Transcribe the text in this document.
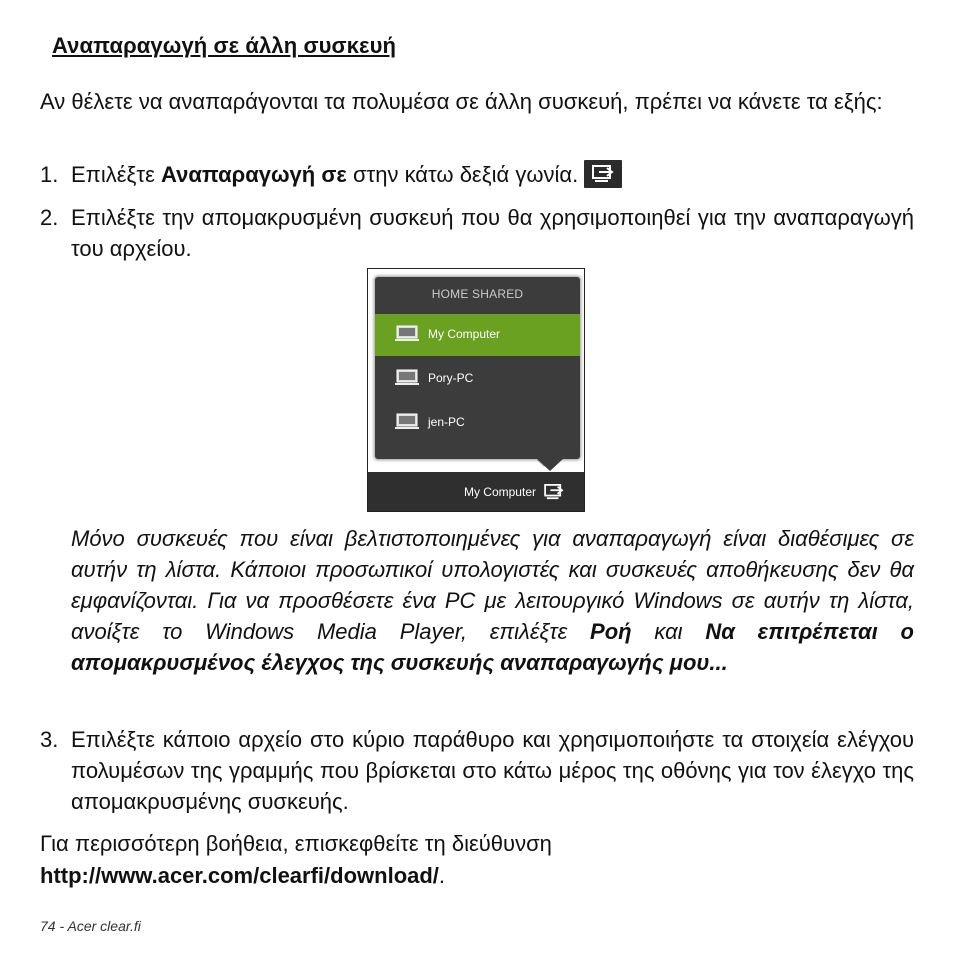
Αναπαραγωγή σε άλλη συσκευή
Αν θέλετε να αναπαράγονται τα πολυμέσα σε άλλη συσκευή, πρέπει να κάνετε τα εξής:
1. Επιλέξτε Αναπαραγωγή σε στην κάτω δεξιά γωνία.
2. Επιλέξτε την απομακρυσμένη συσκευή που θα χρησιμοποιηθεί για την αναπαραγωγή του αρχείου.
HOME SHARED
My Computer
Pory-PC
jen-PC
My Computer
Μόνο συσκευές που είναι βελτιστοποιημένες για αναπαραγωγή είναι διαθέσιμες σε αυτήν τη λίστα. Κάποιοι προσωπικοί υπολογιστές και συσκευές αποθήκευσης δεν θα εμφανίζονται. Για να προσθέσετε ένα PC με λειτουργικό Windows σε αυτήν τη λίστα, ανοίξτε το Windows Media Player, επιλέξτε Ροή και Να επιτρέπεται ο απομακρυσμένος έλεγχος της συσκευής αναπαραγωγής μου...
3. Επιλέξτε κάποιο αρχείο στο κύριο παράθυρο και χρησιμοποιήστε τα στοιχεία ελέγχου πολυμέσων της γραμμής που βρίσκεται στο κάτω μέρος της οθόνης για τον έλεγχο της απομακρυσμένης συσκευής.
Για περισσότερη βοήθεια, επισκεφθείτε τη διεύθυνση
http://www.acer.com/clearfi/download/.
74 - Acer clear.fi
